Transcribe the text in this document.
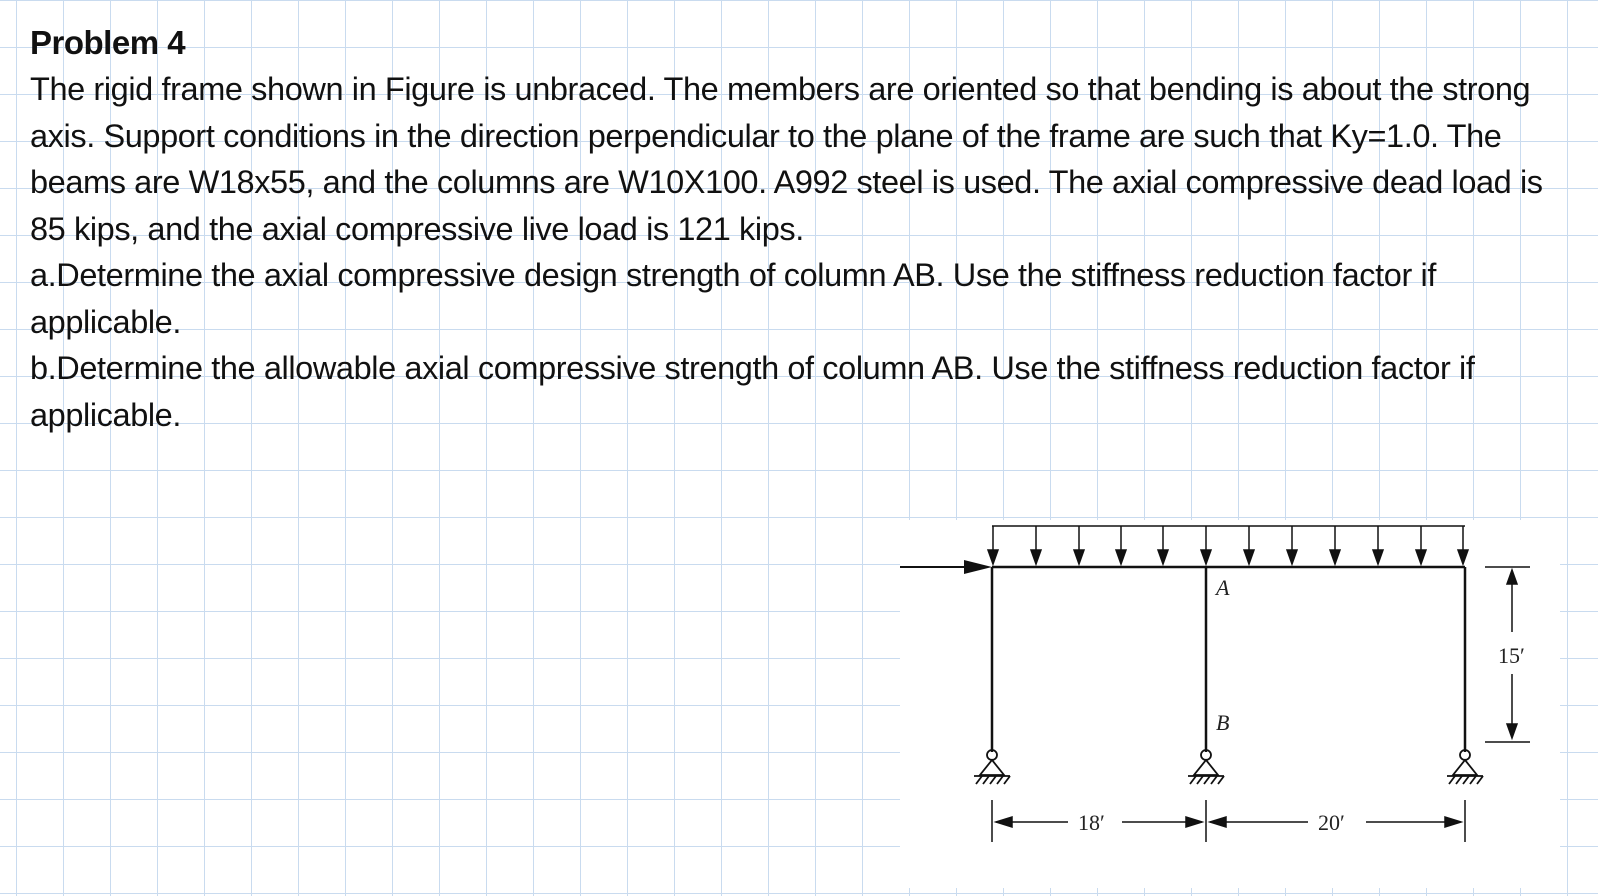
Problem 4

The rigid frame shown in Figure is unbraced. The members are oriented so that bending is about the strong axis. Support conditions in the direction perpendicular to the plane of the frame are such that Ky=1.0. The beams are W18x55, and the columns are W10X100. A992 steel is used. The axial compressive dead load is 85 kips, and the axial compressive live load is 121 kips.

a.Determine the axial compressive design strength of column AB. Use the stiffness reduction factor if applicable.

b.Determine the allowable axial compressive strength of column AB. Use the stiffness reduction factor if applicable.

A
B
15′
18′	20′
